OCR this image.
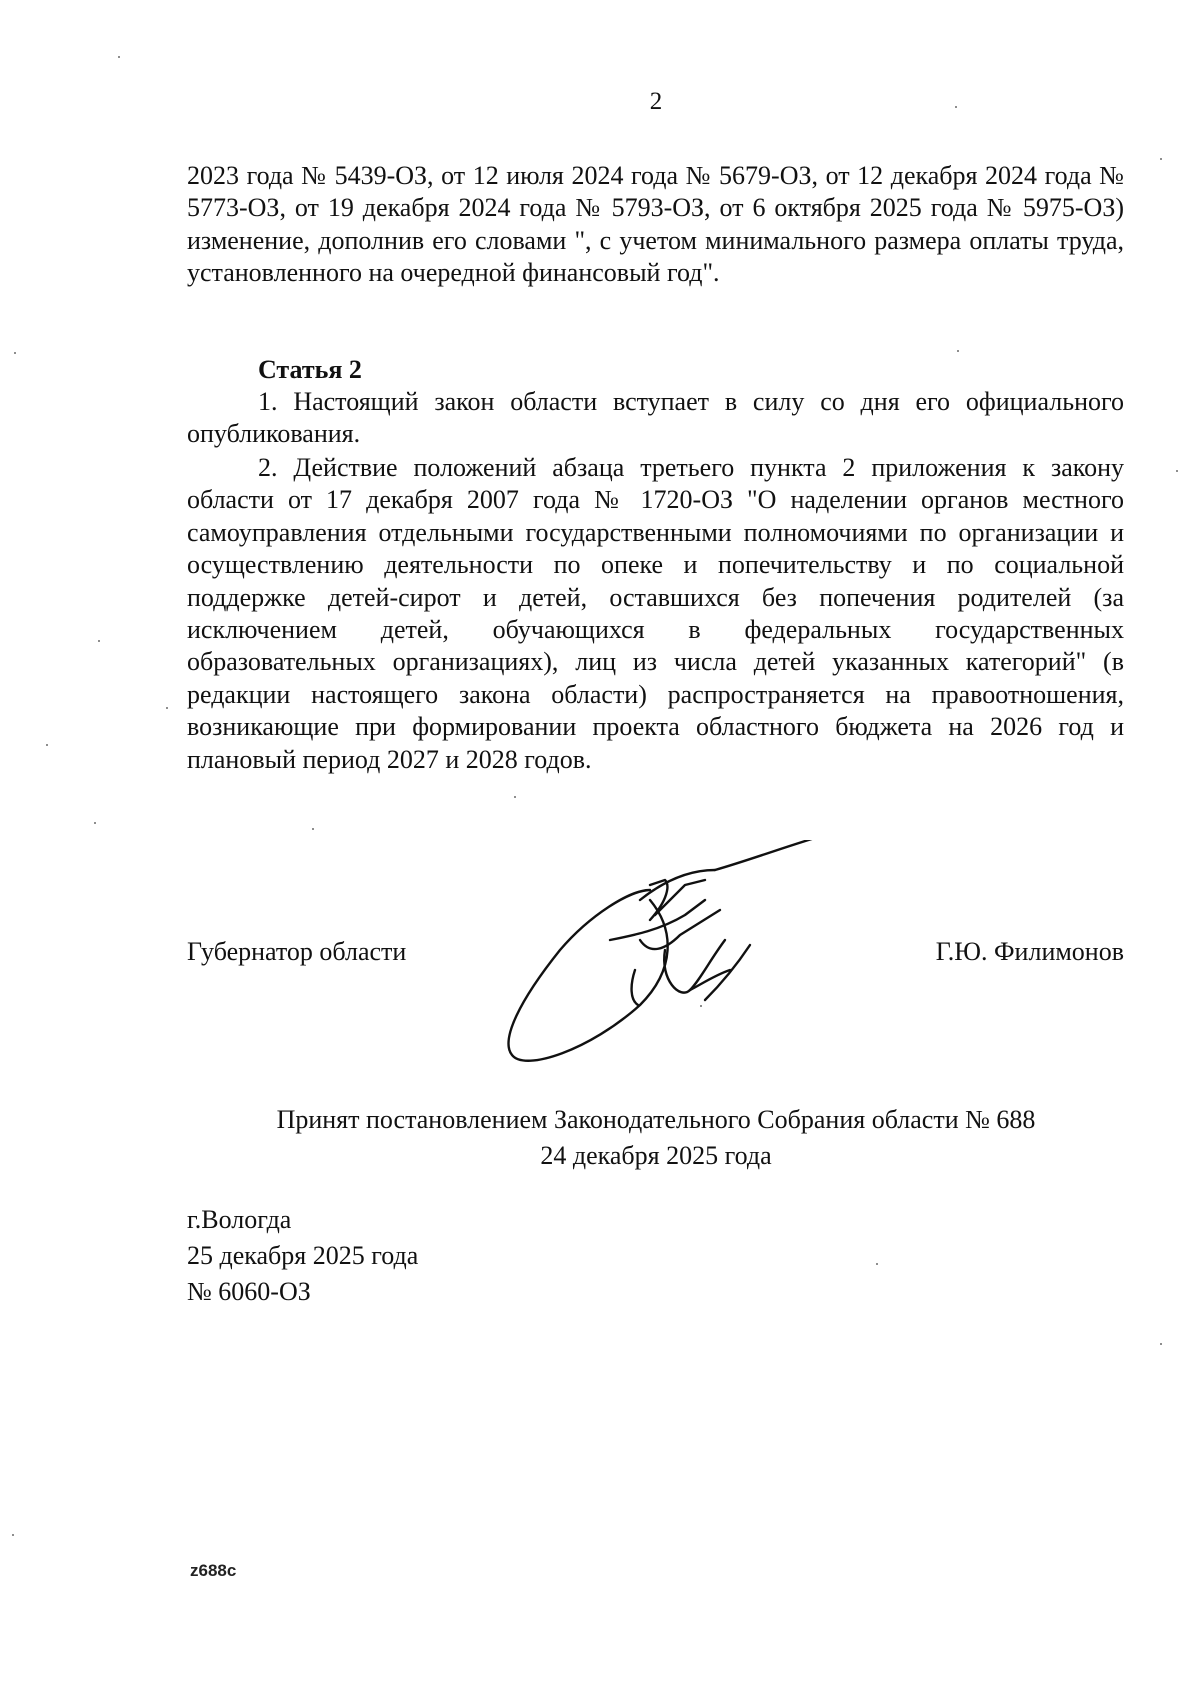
2

2023 года № 5439-ОЗ, от 12 июля 2024 года № 5679-ОЗ, от 12 декабря 2024 года № 5773-ОЗ, от 19 декабря 2024 года № 5793-ОЗ, от 6 октября 2025 года № 5975-ОЗ) изменение, дополнив его словами ", с учетом минимального размера оплаты труда, установленного на очередной финансовый год".

Статья 2

1. Настоящий закон области вступает в силу со дня его официального опубликования.

2. Действие положений абзаца третьего пункта 2 приложения к закону области от 17 декабря 2007 года № 1720-ОЗ "О наделении органов местного самоуправления отдельными государственными полномочиями по организации и осуществлению деятельности по опеке и попечительству и по социальной поддержке детей-сирот и детей, оставшихся без попечения родителей (за исключением детей, обучающихся в федеральных государственных образовательных организациях), лиц из числа детей указанных категорий" (в редакции настоящего закона области) распространяется на правоотношения, возникающие при формировании проекта областного бюджета на 2026 год и плановый период 2027 и 2028 годов.

Губернатор области	Г.Ю. Филимонов
Принят постановлением Законодательного Собрания области № 688
24 декабря 2025 года
г.Вологда
25 декабря 2025 года
№ 6060-ОЗ
z688c
